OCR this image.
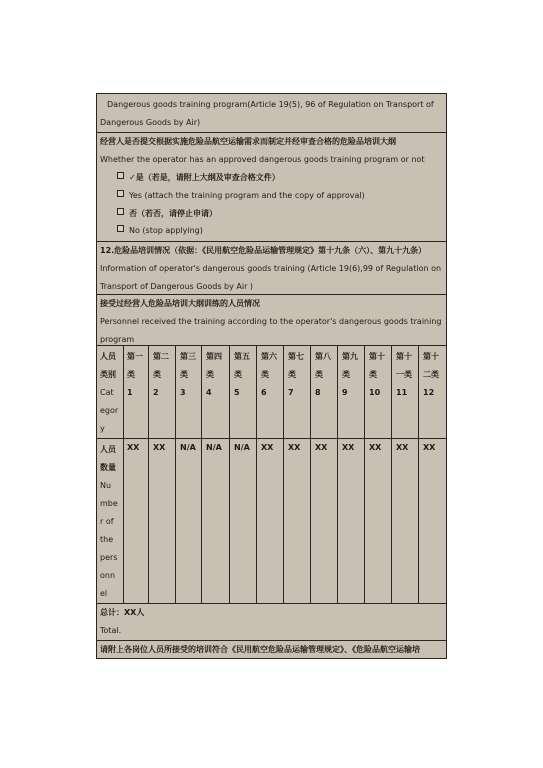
Dangerous goods training program(Article 19(5), 96 of Regulation on Transport of
Dangerous Goods by Air)
经营人是否提交根据实施危险品航空运输需求而制定并经审查合格的危险品培训大纲
Whether the operator has an approved dangerous goods training program or not
✓是（若是，请附上大纲及审查合格文件）
Yes (attach the training program and the copy of approval)
否（若否，请停止申请）
No (stop applying)
12.危险品培训情况（依据：《民用航空危险品运输管理规定》第十九条（六）、第九十九条）
Information of operator's dangerous goods training (Article 19(6),99 of Regulation on
Transport of Dangerous Goods by Air )
接受过经营人危险品培训大纲训练的人员情况
Personnel received the training according to the operator's dangerous goods training
program
人员
类别
Cat
egor
y
人员
数量
Nu
mbe
r of
the
pers
onn
el
第一
类
1
第二
类
2
第三
类
3
第四
类
4
第五
类
5
第六
类
6
第七
类
7
第八
类
8
第九
类
9
第十
类
10
第十
一类
11
第十
二类
12
XX XX N/A N/A N/A XX XX XX XX XX XX XX
总计：XX人
Total.
请附上各岗位人员所接受的培训符合《民用航空危险品运输管理规定》、《危险品航空运输培
